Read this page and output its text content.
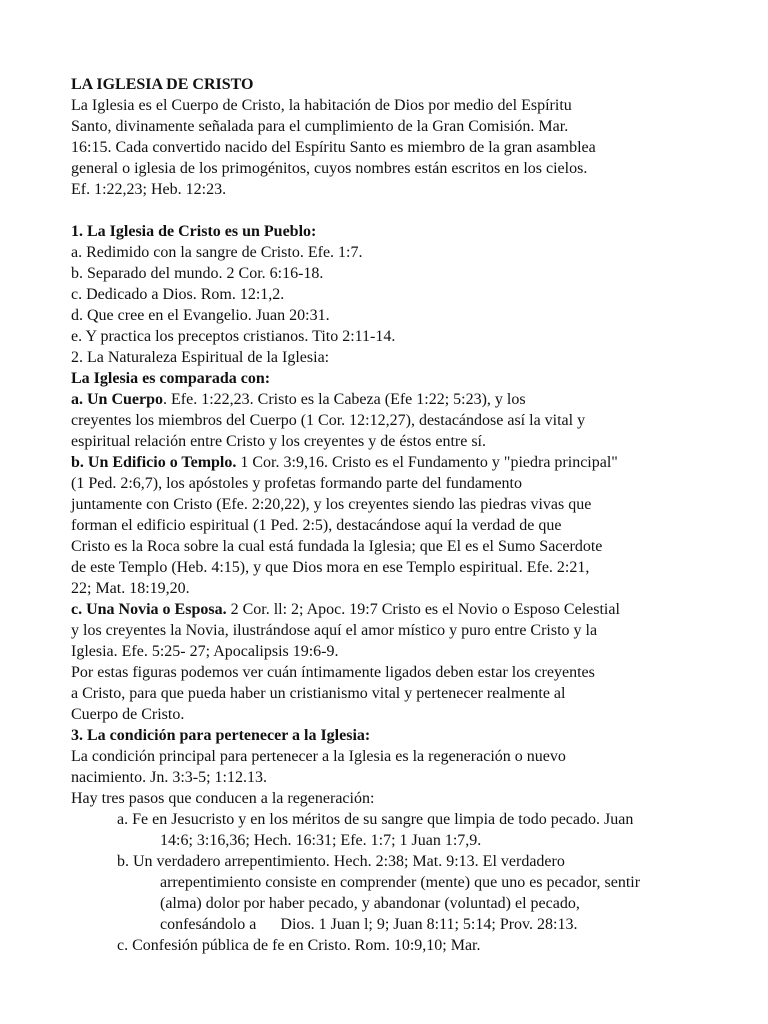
LA IGLESIA DE CRISTO
La Iglesia es el Cuerpo de Cristo, la habitación de Dios por medio del Espíritu
Santo, divinamente señalada para el cumplimiento de la Gran Comisión. Mar.
16:15. Cada convertido nacido del Espíritu Santo es miembro de la gran asamblea
general o iglesia de los primogénitos, cuyos nombres están escritos en los cielos.
Ef. 1:22,23; Heb. 12:23.
1. La Iglesia de Cristo es un Pueblo:
a. Redimido con la sangre de Cristo. Efe. 1:7.
b. Separado del mundo. 2 Cor. 6:16-18.
c. Dedicado a Dios. Rom. 12:1,2.
d. Que cree en el Evangelio. Juan 20:31.
e. Y practica los preceptos cristianos. Tito 2:11-14.
2. La Naturaleza Espiritual de la Iglesia:
La Iglesia es comparada con:
a. Un Cuerpo. Efe. 1:22,23. Cristo es la Cabeza (Efe 1:22; 5:23), y los
creyentes los miembros del Cuerpo (1 Cor. 12:12,27), destacándose así la vital y
espiritual relación entre Cristo y los creyentes y de éstos entre sí.
b. Un Edificio o Templo. 1 Cor. 3:9,16. Cristo es el Fundamento y "piedra principal"
(1 Ped. 2:6,7), los apóstoles y profetas formando parte del fundamento
juntamente con Cristo (Efe. 2:20,22), y los creyentes siendo las piedras vivas que
forman el edificio espiritual (1 Ped. 2:5), destacándose aquí la verdad de que
Cristo es la Roca sobre la cual está fundada la Iglesia; que El es el Sumo Sacerdote
de este Templo (Heb. 4:15), y que Dios mora en ese Templo espiritual. Efe. 2:21,
22; Mat. 18:19,20.
c. Una Novia o Esposa. 2 Cor. ll: 2; Apoc. 19:7 Cristo es el Novio o Esposo Celestial
y los creyentes la Novia, ilustrándose aquí el amor místico y puro entre Cristo y la
Iglesia. Efe. 5:25- 27; Apocalipsis 19:6-9.
Por estas figuras podemos ver cuán íntimamente ligados deben estar los creyentes
a Cristo, para que pueda haber un cristianismo vital y pertenecer realmente al
Cuerpo de Cristo.
3. La condición para pertenecer a la Iglesia:
La condición principal para pertenecer a la Iglesia es la regeneración o nuevo
nacimiento. Jn. 3:3-5; 1:12.13.
Hay tres pasos que conducen a la regeneración:
a. Fe en Jesucristo y en los méritos de su sangre que limpia de todo pecado. Juan
14:6; 3:16,36; Hech. 16:31; Efe. 1:7; 1 Juan 1:7,9.
b. Un verdadero arrepentimiento. Hech. 2:38; Mat. 9:13. El verdadero
arrepentimiento consiste en comprender (mente) que uno es pecador, sentir
(alma) dolor por haber pecado, y abandonar (voluntad) el pecado,
confesándolo a      Dios. 1 Juan l; 9; Juan 8:11; 5:14; Prov. 28:13.
c. Confesión pública de fe en Cristo. Rom. 10:9,10; Mar.
